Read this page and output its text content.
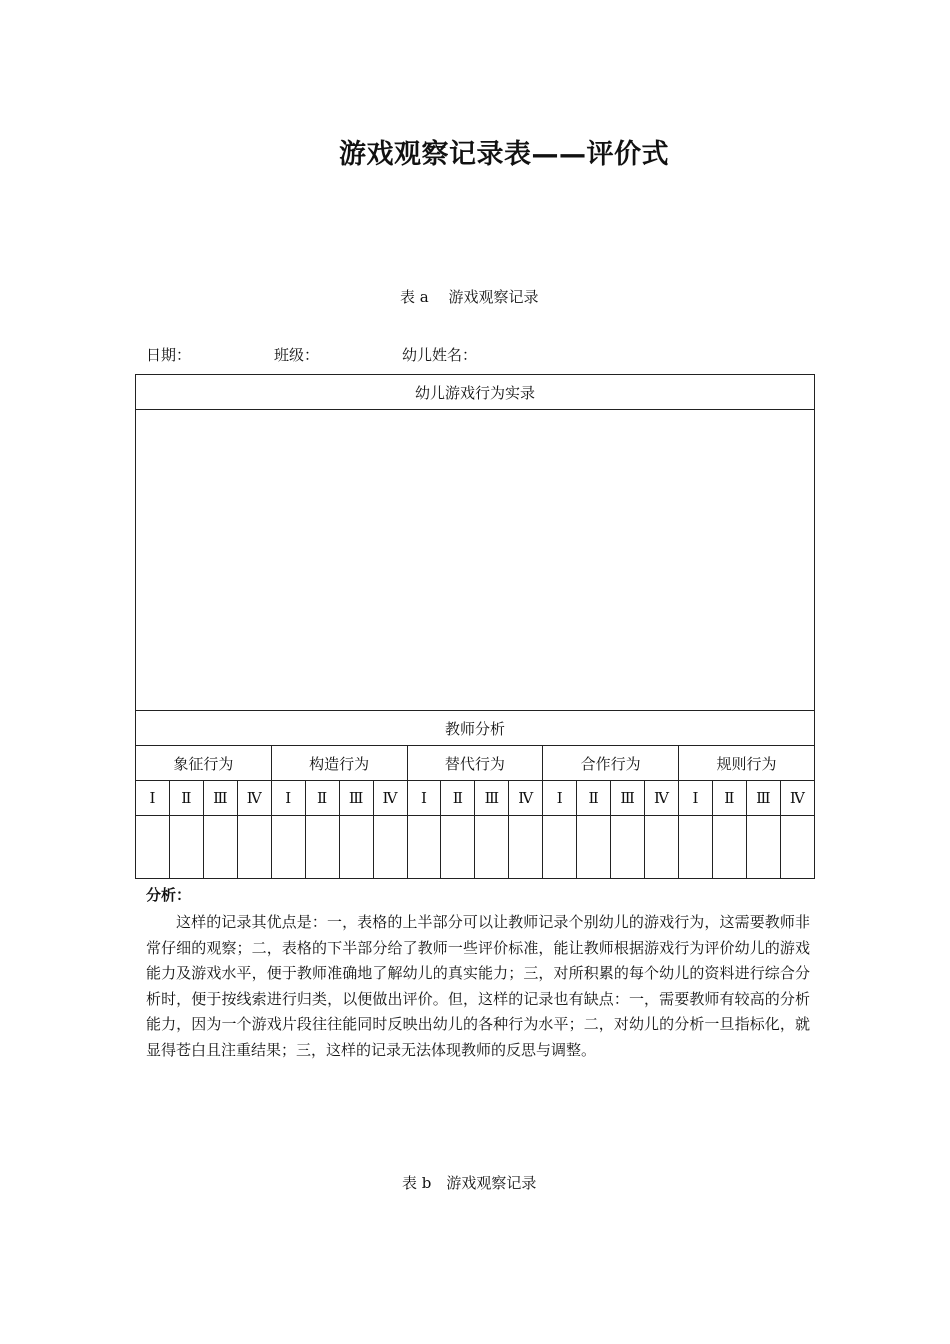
游戏观察记录表——评价式
表 a　 游戏观察记录
日期：	班级：	幼儿姓名：
幼儿游戏行为实录																			

教师分析																			
象征行为				构造行为				替代行为				合作行为				规则行为			
Ⅰ	Ⅱ	Ⅲ	Ⅳ	Ⅰ	Ⅱ	Ⅲ	Ⅳ	Ⅰ	Ⅱ	Ⅲ	Ⅳ	Ⅰ	Ⅱ	Ⅲ	Ⅳ	Ⅰ	Ⅱ	Ⅲ	Ⅳ

分析：
这样的记录其优点是：一，表格的上半部分可以让教师记录个别幼儿的游戏行为，这需要教师非常仔细的观察；二，表格的下半部分给了教师一些评价标准，能让教师根据游戏行为评价幼儿的游戏能力及游戏水平，便于教师准确地了解幼儿的真实能力；三，对所积累的每个幼儿的资料进行综合分析时，便于按线索进行归类，以便做出评价。但，这样的记录也有缺点：一，需要教师有较高的分析能力，因为一个游戏片段往往能同时反映出幼儿的各种行为水平；二，对幼儿的分析一旦指标化，就显得苍白且注重结果；三，这样的记录无法体现教师的反思与调整。
表 b　游戏观察记录
